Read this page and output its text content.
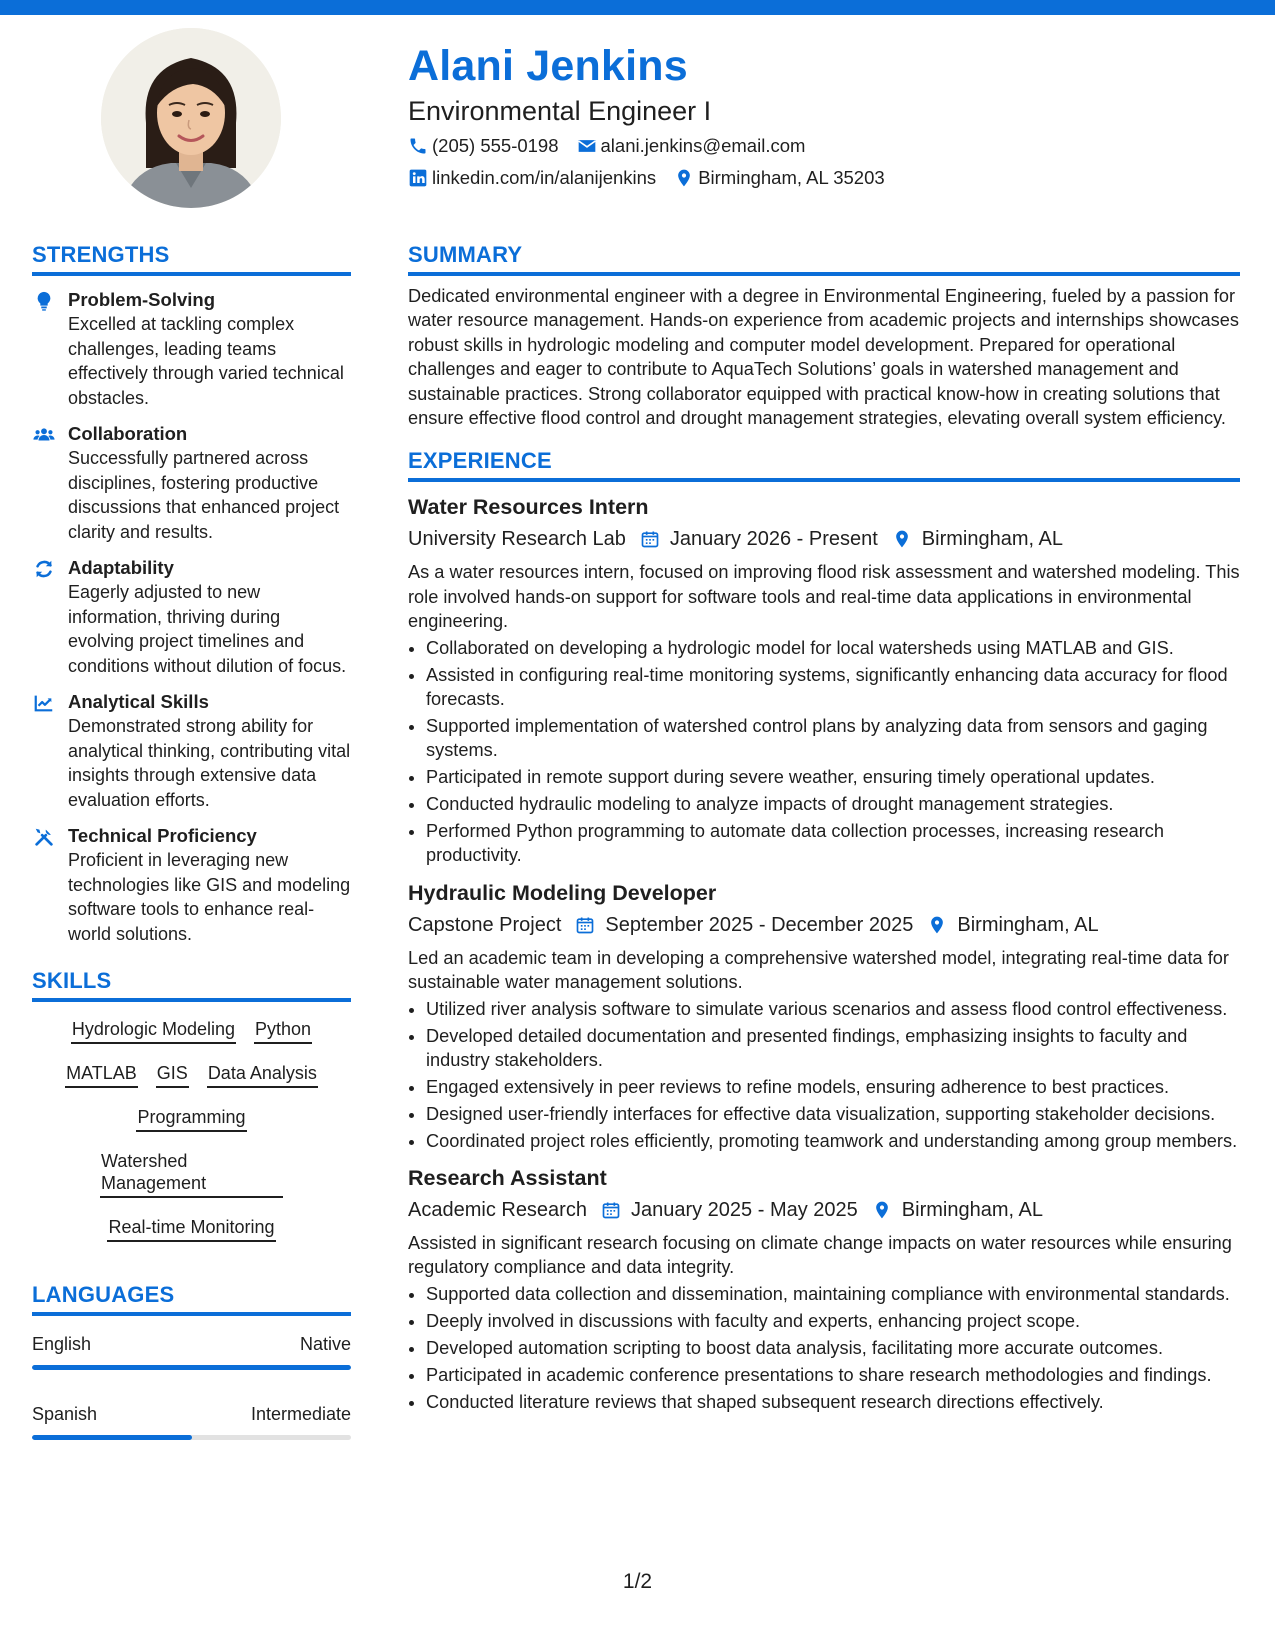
Alani Jenkins
Environmental Engineer I
(205) 555-0198 alani.jenkins@email.com
linkedin.com/in/alanijenkins Birmingham, AL 35203
STRENGTHS
Problem-Solving
Excelled at tackling complex challenges, leading teams effectively through varied technical obstacles.
Collaboration
Successfully partnered across disciplines, fostering productive discussions that enhanced project clarity and results.
Adaptability
Eagerly adjusted to new information, thriving during evolving project timelines and conditions without dilution of focus.
Analytical Skills
Demonstrated strong ability for analytical thinking, contributing vital insights through extensive data evaluation efforts.
Technical Proficiency
Proficient in leveraging new technologies like GIS and modeling software tools to enhance real-world solutions.
SKILLS
Hydrologic Modeling Python
MATLAB GIS Data Analysis
Programming
Watershed Management
Real-time Monitoring
LANGUAGES
English	Native
Spanish	Intermediate
SUMMARY
Dedicated environmental engineer with a degree in Environmental Engineering, fueled by a passion for water resource management. Hands-on experience from academic projects and internships showcases robust skills in hydrologic modeling and computer model development. Prepared for operational challenges and eager to contribute to AquaTech Solutions’ goals in watershed management and sustainable practices. Strong collaborator equipped with practical know-how in creating solutions that ensure effective flood control and drought management strategies, elevating overall system efficiency.
EXPERIENCE
Water Resources Intern
University Research Lab January 2026 - Present Birmingham, AL
As a water resources intern, focused on improving flood risk assessment and watershed modeling. This role involved hands-on support for software tools and real-time data applications in environmental engineering.
• Collaborated on developing a hydrologic model for local watersheds using MATLAB and GIS.
• Assisted in configuring real-time monitoring systems, significantly enhancing data accuracy for flood forecasts.
• Supported implementation of watershed control plans by analyzing data from sensors and gaging systems.
• Participated in remote support during severe weather, ensuring timely operational updates.
• Conducted hydraulic modeling to analyze impacts of drought management strategies.
• Performed Python programming to automate data collection processes, increasing research productivity.
Hydraulic Modeling Developer
Capstone Project September 2025 - December 2025 Birmingham, AL
Led an academic team in developing a comprehensive watershed model, integrating real-time data for sustainable water management solutions.
• Utilized river analysis software to simulate various scenarios and assess flood control effectiveness.
• Developed detailed documentation and presented findings, emphasizing insights to faculty and industry stakeholders.
• Engaged extensively in peer reviews to refine models, ensuring adherence to best practices.
• Designed user-friendly interfaces for effective data visualization, supporting stakeholder decisions.
• Coordinated project roles efficiently, promoting teamwork and understanding among group members.
Research Assistant
Academic Research January 2025 - May 2025 Birmingham, AL
Assisted in significant research focusing on climate change impacts on water resources while ensuring regulatory compliance and data integrity.
• Supported data collection and dissemination, maintaining compliance with environmental standards.
• Deeply involved in discussions with faculty and experts, enhancing project scope.
• Developed automation scripting to boost data analysis, facilitating more accurate outcomes.
• Participated in academic conference presentations to share research methodologies and findings.
• Conducted literature reviews that shaped subsequent research directions effectively.
1/2
